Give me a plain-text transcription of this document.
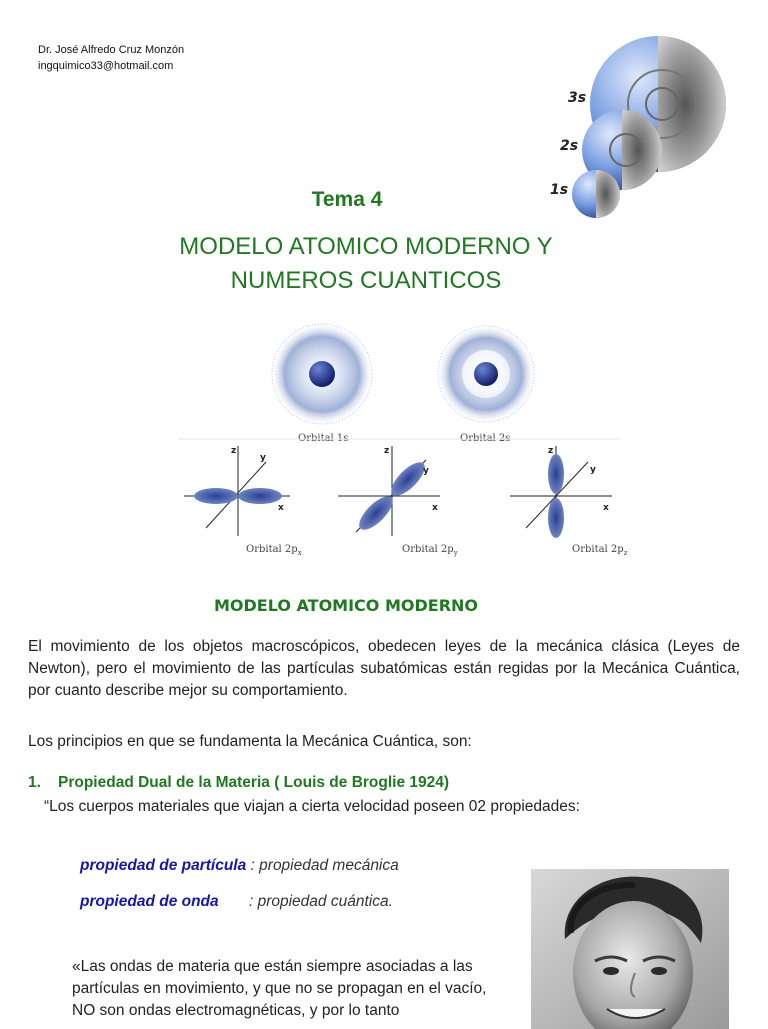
Dr. José Alfredo Cruz Monzón
ingquimico33@hotmail.com
3s
2s
1s
Tema 4
MODELO ATOMICO MODERNO Y
NUMEROS CUANTICOS
Orbital 1s	Orbital 2s
z
y
x
Orbital $2p_x$
z
y
x
Orbital $2p_y$
z
y
x
Orbital $2p_z$
MODELO ATOMICO MODERNO
El movimiento de los objetos macroscópicos, obedecen leyes de la mecánica clásica (Leyes de Newton), pero el movimiento de las partículas subatómicas están regidas por la Mecánica Cuántica, por cuanto describe mejor su comportamiento.
Los principios en que se fundamenta la Mecánica Cuántica, son:
1. Propiedad Dual de la Materia ( Louis de Broglie 1924)
“Los cuerpos materiales que viajan a cierta velocidad poseen 02 propiedades:
propiedad de partícula : propiedad mecánica
propiedad de onda : propiedad cuántica.
«Las ondas de materia que están siempre asociadas a las partículas en movimiento, y que no se propagan en el vacío, NO son ondas electromagnéticas, y por lo tanto
